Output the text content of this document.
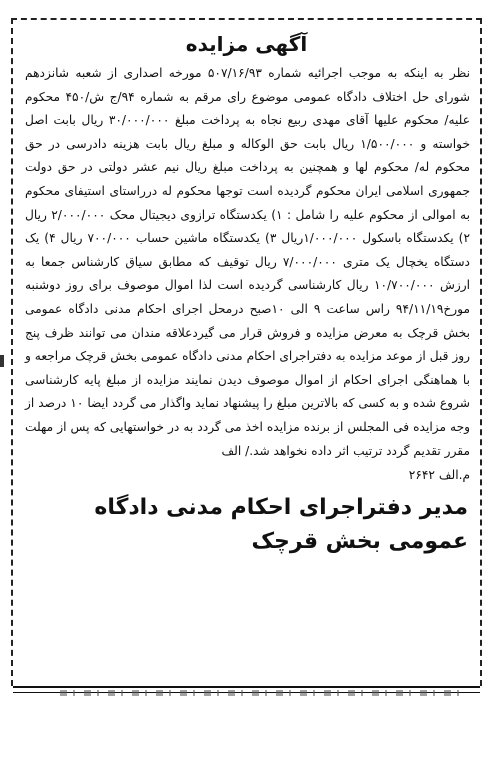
آگهی مزایده
نظر به اینکه به موجب اجرائیه شماره ۵۰۷/۱۶/۹۳ مورخه اصداری از شعبه شانزدهم شورای حل اختلاف دادگاه عمومی موضوع رای مرقم به شماره ۹۴/ج ش/۴۵۰ محکوم علیه/ محکوم علیها آقای مهدی ربیع نجاه به پرداخت مبلغ ۳۰/۰۰۰/۰۰۰ ریال بابت اصل خواسته و ۱/۵۰۰/۰۰۰ ریال بابت حق الوکاله و مبلغ ریال بابت هزینه دادرسی در حق محکوم له/ محکوم لها و همچنین به پرداخت مبلغ ریال نیم عشر دولتی در حق دولت جمهوری اسلامی ایران محکوم گردیده است توجها محکوم له درراستای استیفای محکوم به اموالی از محکوم علیه را شامل : ۱) یکدستگاه ترازوی دیجیتال محک ۲/۰۰۰/۰۰۰ ریال ۲) یکدستگاه باسکول ۱/۰۰۰/۰۰۰ریال ۳) یکدستگاه ماشین حساب ۷۰۰/۰۰۰ ریال ۴) یک دستگاه یخچال یک متری ۷/۰۰۰/۰۰۰ ریال توقیف که مطابق سیاق کارشناس جمعا به ارزش ۱۰/۷۰۰/۰۰۰ ریال کارشناسی گردیده است لذا اموال موصوف برای روز دوشنبه مورخ۹۴/۱۱/۱۹ راس ساعت ۹ الی ۱۰صبح درمحل اجرای احکام مدنی دادگاه عمومی بخش قرچک به معرض مزایده و فروش قرار می گیردعلاقه مندان می توانند ظرف پنج روز قبل از موعد مزایده به دفتراجرای احکام مدنی دادگاه عمومی بخش قرچک مراجعه و با هماهنگی اجرای احکام از اموال موصوف دیدن نمایند مزایده از مبلغ پایه کارشناسی شروع شده و به کسی که بالاترین مبلغ را پیشنهاد نماید واگذار می گردد ایضا ۱۰ درصد از وجه مزایده فی المجلس از برنده مزایده اخذ می گردد به در خواستهایی که پس از مهلت مقرر تقدیم گردد ترتیب اثر داده نخواهد شد./ الف
م.الف ۲۶۴۲
مدیر دفتراجرای احکام مدنی دادگاه عمومی بخش قرچک
